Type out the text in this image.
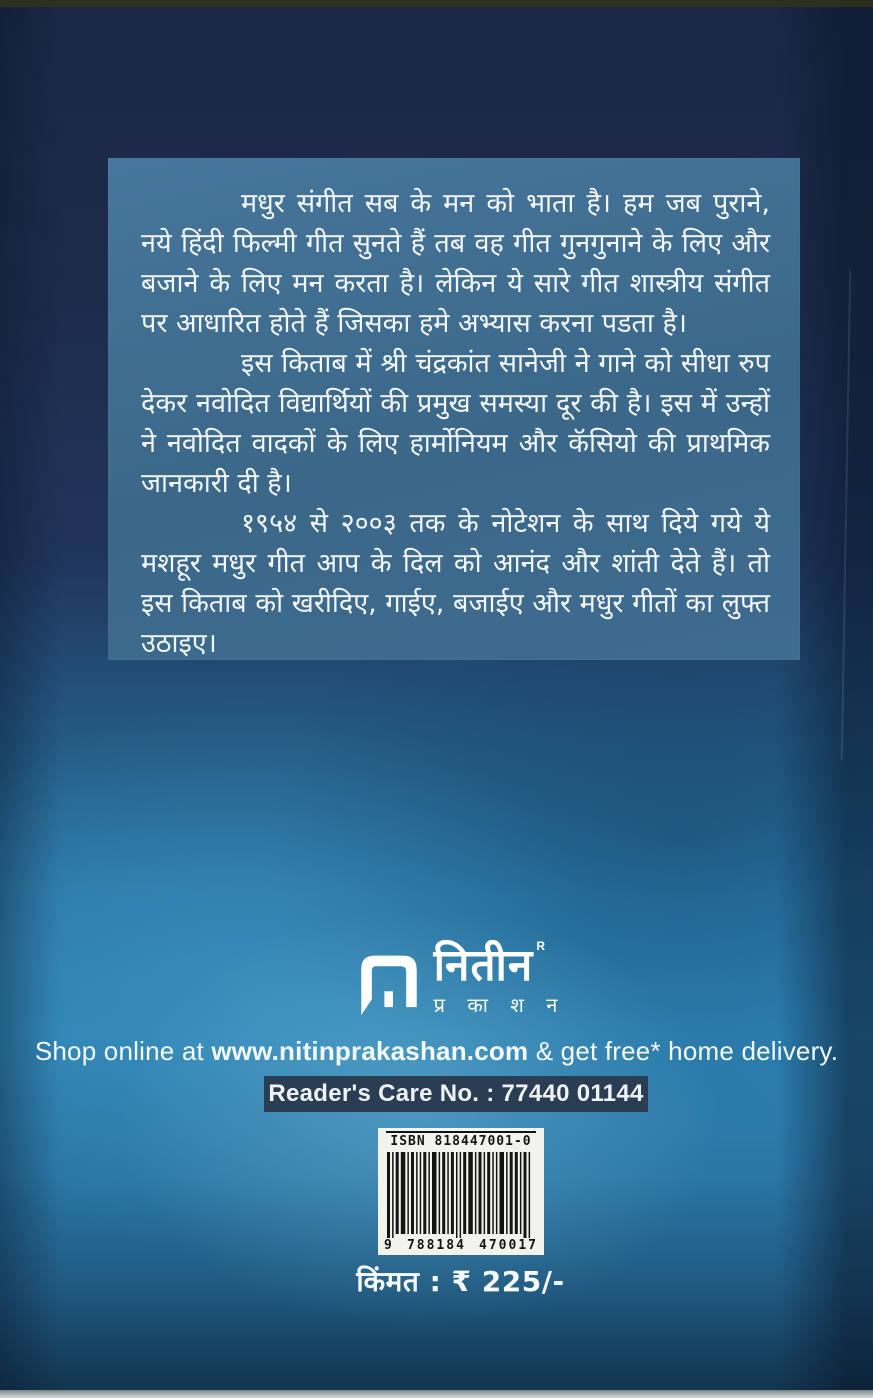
मधुर संगीत सब के मन को भाता है। हम जब पुराने, नये हिंदी फिल्मी गीत सुनते हैं तब वह गीत गुनगुनाने के लिए और बजाने के लिए मन करता है। लेकिन ये सारे गीत शास्त्रीय संगीत पर आधारित होते हैं जिसका हमे अभ्यास करना पडता है।

इस किताब में श्री चंद्रकांत सानेजी ने गाने को सीधा रुप देकर नवोदित विद्यार्थियों की प्रमुख समस्या दूर की है। इस में उन्हों ने नवोदित वादकों के लिए हार्मोनियम और कॅसियो की प्राथमिक जानकारी दी है।

१९५४ से २००३ तक के नोटेशन के साथ दिये गये ये मशहूर मधुर गीत आप के दिल को आनंद और शांती देते हैं। तो इस किताब को खरीदिए, गाईए, बजाईए और मधुर गीतों का लुफ्त उठाइए।

नितीन R
प्र का श न
Shop online at www.nitinprakashan.com & get free* home delivery.
Reader's Care No. : 77440 01144
ISBN 818447001-0
9 788184 470017
किंमत : ₹ 225/-
